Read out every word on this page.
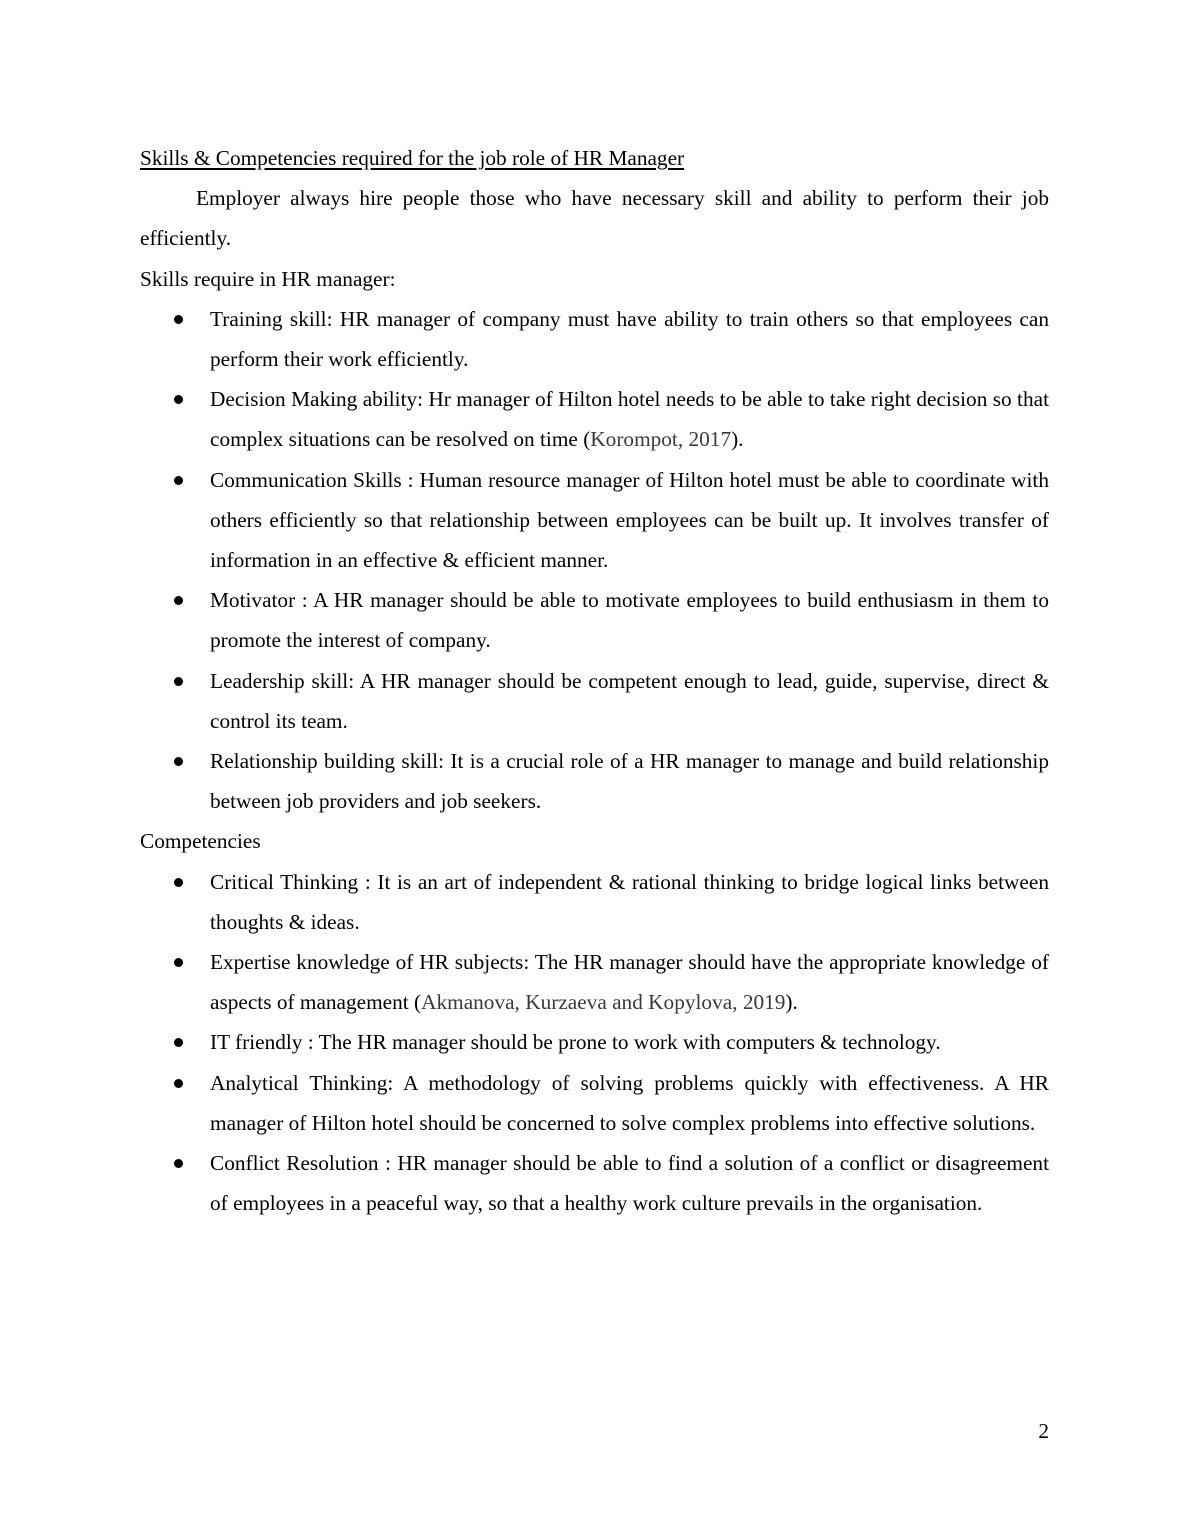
Skills & Competencies required for the job role of HR Manager

Employer always hire people those who have necessary skill and ability to perform their job efficiently.

Skills require in HR manager:

Training skill: HR manager of company must have ability to train others so that employees can perform their work efficiently.
Decision Making ability: Hr manager of Hilton hotel needs to be able to take right decision so that complex situations can be resolved on time (Korompot, 2017).
Communication Skills : Human resource manager of Hilton hotel must be able to coordinate with others efficiently so that relationship between employees can be built up. It involves transfer of information in an effective & efficient manner.
Motivator : A HR manager should be able to motivate employees to build enthusiasm in them to promote the interest of company.
Leadership skill: A HR manager should be competent enough to lead, guide, supervise, direct & control its team.
Relationship building skill: It is a crucial role of a HR manager to manage and build relationship between job providers and job seekers.

Competencies

Critical Thinking : It is an art of independent & rational thinking to bridge logical links between thoughts & ideas.
Expertise knowledge of HR subjects: The HR manager should have the appropriate knowledge of aspects of management (Akmanova, Kurzaeva and Kopylova, 2019).
IT friendly : The HR manager should be prone to work with computers & technology.
Analytical Thinking: A methodology of solving problems quickly with effectiveness. A HR manager of Hilton hotel should be concerned to solve complex problems into effective solutions.
Conflict Resolution : HR manager should be able to find a solution of a conflict or disagreement of employees in a peaceful way, so that a healthy work culture prevails in the organisation.
2
